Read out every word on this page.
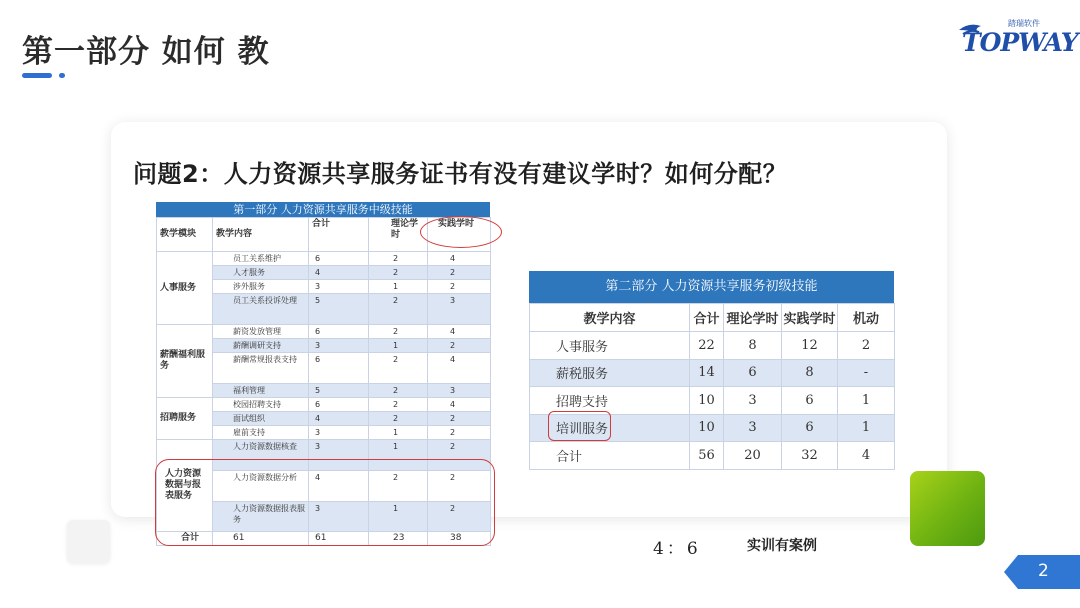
第一部分 如何 教
踏瑞软件
TOPWAY
问题2：人力资源共享服务证书有没有建议学时？如何分配？
第一部分 人力资源共享服务中级技能
教学模块	教学内容	合计	理论学时	实践学时
人事服务	员工关系维护	6	2	4
	人才服务	4	2	2
	涉外服务	3	1	2
	员工关系投诉处理	5	2	3
薪酬福利服务	薪资发放管理	6	2	4
	薪酬调研支持	3	1	2
	薪酬常规报表支持	6	2	4
	福利管理	5	2	3
招聘服务	校园招聘支持	6	2	4
	面试组织	4	2	2
	雇前支持	3	1	2
人力资源数据与报表服务	人力资源数据核查	3	1	2
	人力资源数据分析	4	2	2
	人力资源数据报表服务	3	1	2
合计	61	61	23	38
第二部分 人力资源共享服务初级技能
教学内容	合计	理论学时	实践学时	机动
人事服务	22	8	12	2
薪税服务	14	6	8	-
招聘支持	10	3	6	1
培训服务	10	3	6	1
合计	56	20	32	4
4：6	实训有案例
2
